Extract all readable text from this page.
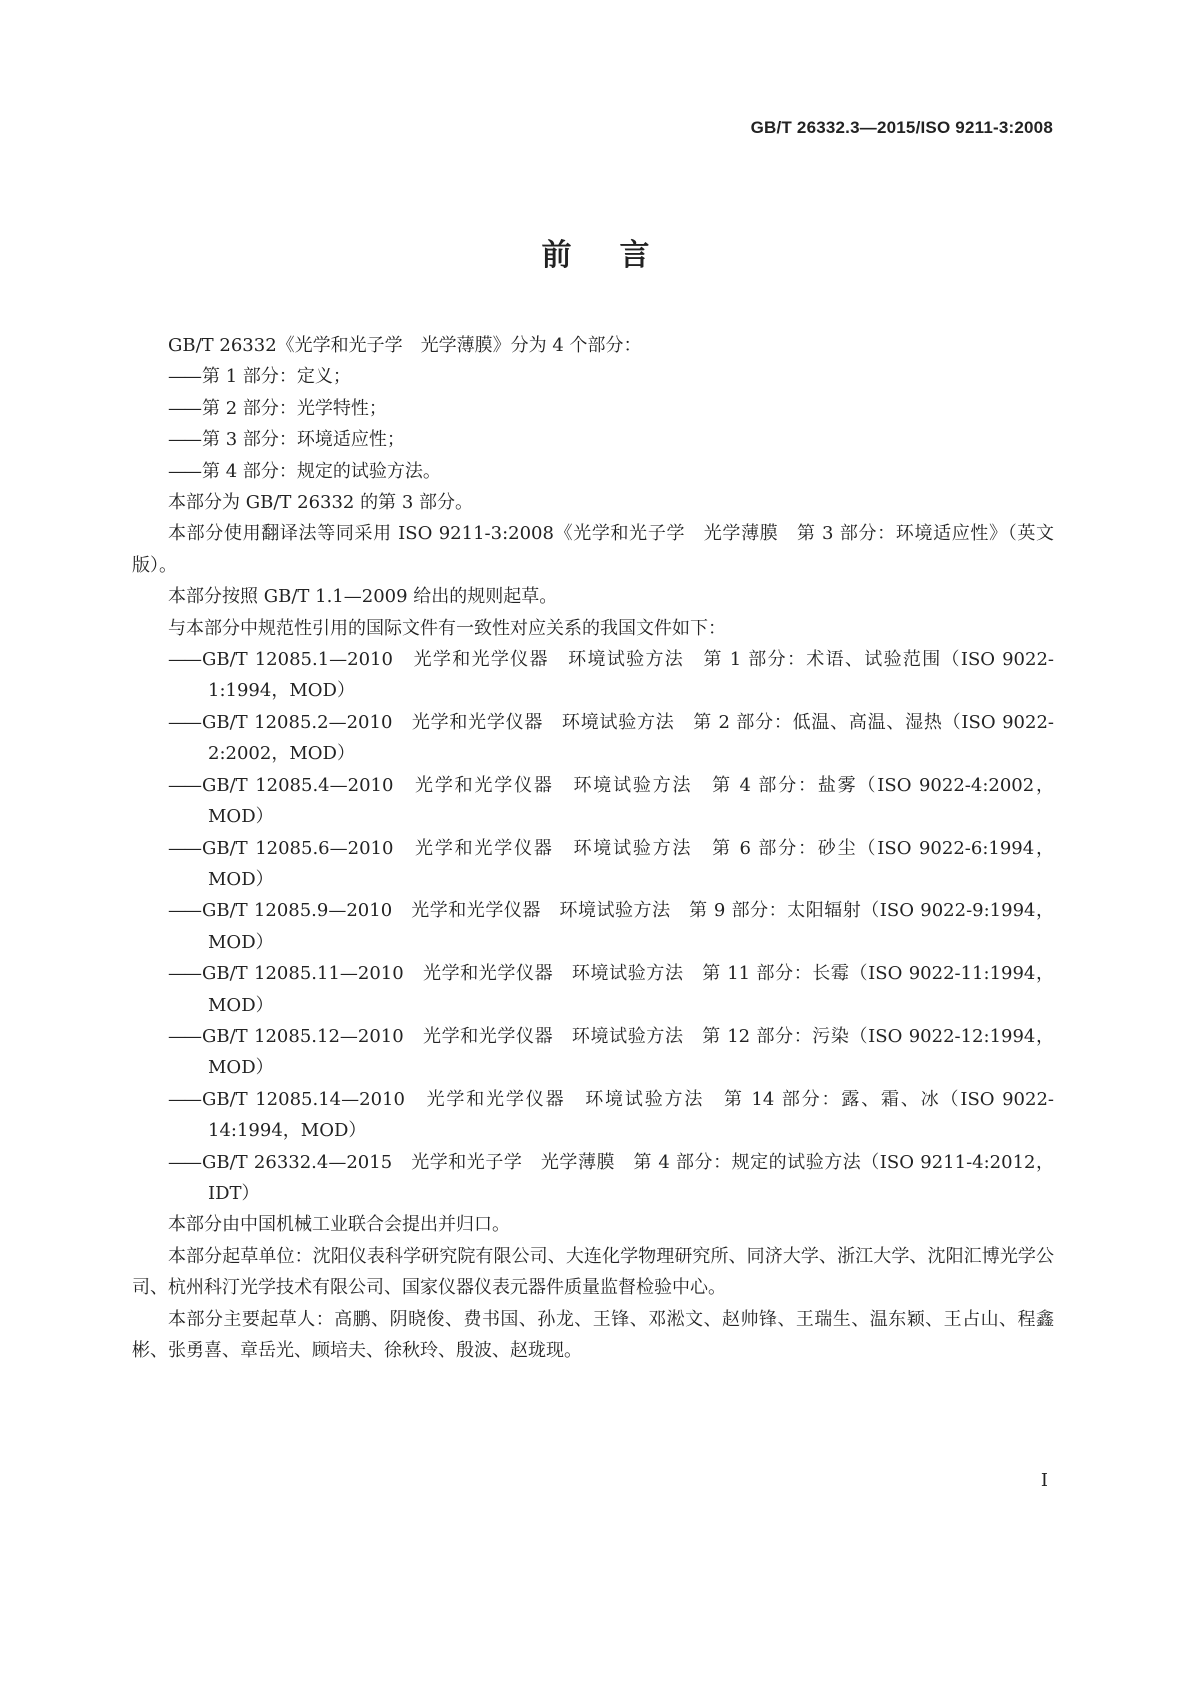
GB/T 26332.3—2015/ISO 9211-3:2008
前 言

GB/T 26332《光学和光子学　光学薄膜》分为 4 个部分：

—— 第 1 部分：定义；

—— 第 2 部分：光学特性；

—— 第 3 部分：环境适应性；

—— 第 4 部分：规定的试验方法。

本部分为 GB/T 26332 的第 3 部分。

本部分使用翻译法等同采用 ISO 9211-3:2008《光学和光子学　光学薄膜　第 3 部分：环境适应性》（英文版）。

本部分按照 GB/T 1.1—2009 给出的规则起草。

与本部分中规范性引用的国际文件有一致性对应关系的我国文件如下：

—— GB/T 12085.1—2010　光学和光学仪器　环境试验方法　第 1 部分：术语、试验范围（ISO 9022-1:1994，MOD）

—— GB/T 12085.2—2010　光学和光学仪器　环境试验方法　第 2 部分：低温、高温、湿热（ISO 9022-2:2002，MOD）

—— GB/T 12085.4—2010　光学和光学仪器　环境试验方法　第 4 部分：盐雾（ISO 9022-4:2002，MOD）

—— GB/T 12085.6—2010　光学和光学仪器　环境试验方法　第 6 部分：砂尘（ISO 9022-6:1994，MOD）

—— GB/T 12085.9—2010　光学和光学仪器　环境试验方法　第 9 部分：太阳辐射（ISO 9022-9:1994，MOD）

—— GB/T 12085.11—2010　光学和光学仪器　环境试验方法　第 11 部分：长霉（ISO 9022-11:1994，MOD）

—— GB/T 12085.12—2010　光学和光学仪器　环境试验方法　第 12 部分：污染（ISO 9022-12:1994，MOD）

—— GB/T 12085.14—2010　光学和光学仪器　环境试验方法　第 14 部分：露、霜、冰（ISO 9022-14:1994，MOD）

—— GB/T 26332.4—2015　光学和光子学　光学薄膜　第 4 部分：规定的试验方法（ISO 9211-4:2012，IDT）

本部分由中国机械工业联合会提出并归口。

本部分起草单位：沈阳仪表科学研究院有限公司、大连化学物理研究所、同济大学、浙江大学、沈阳汇博光学公司、杭州科汀光学技术有限公司、国家仪器仪表元器件质量监督检验中心。

本部分主要起草人：高鹏、阴晓俊、费书国、孙龙、王锋、邓淞文、赵帅锋、王瑞生、温东颖、王占山、程鑫彬、张勇喜、章岳光、顾培夫、徐秋玲、殷波、赵珑现。

I
